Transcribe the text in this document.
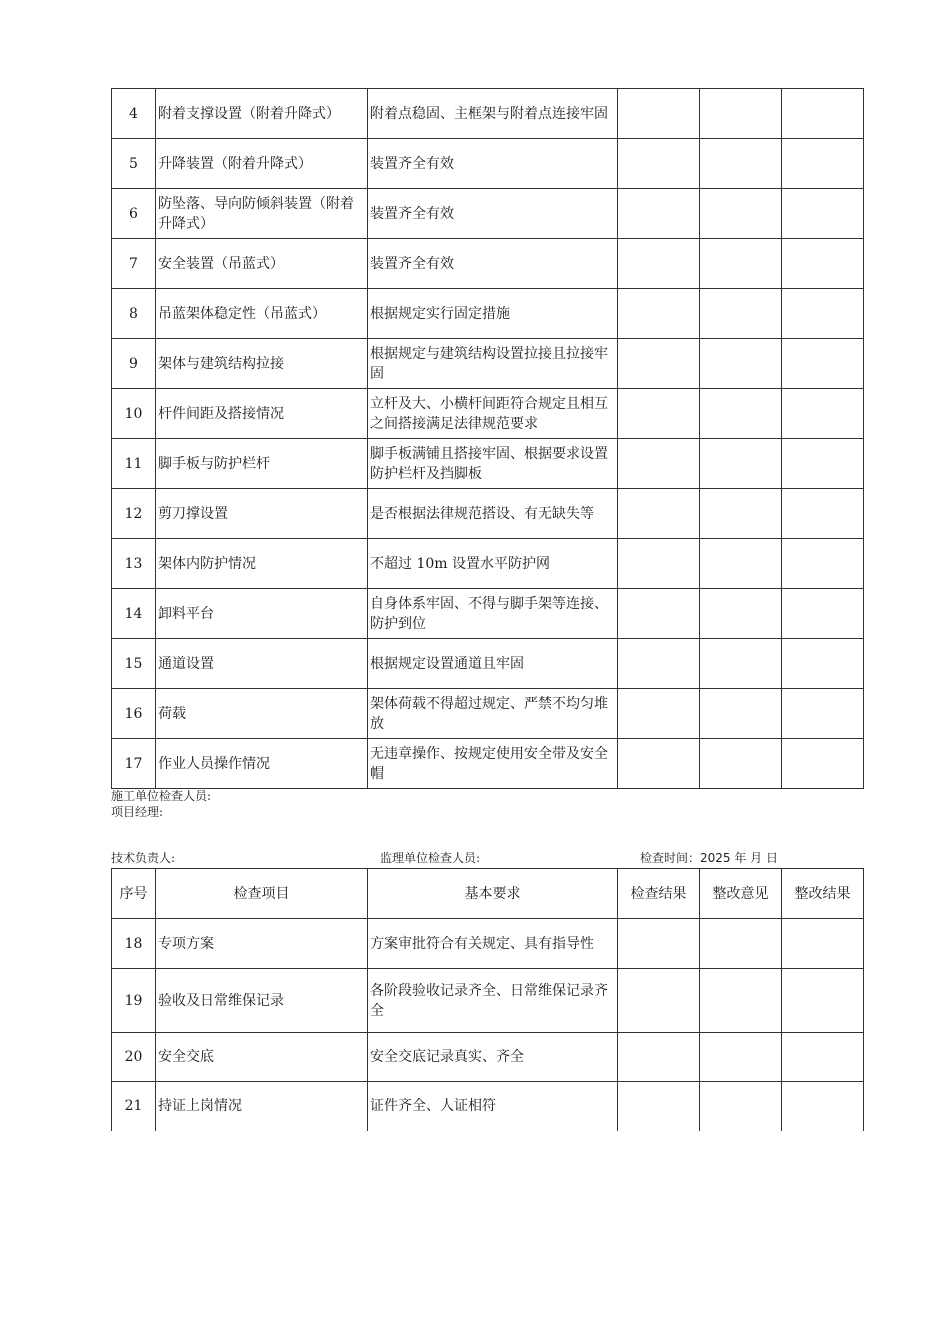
4	附着支撑设置（附着升降式）	附着点稳固、主框架与附着点连接牢固			
5	升降装置（附着升降式）	装置齐全有效			
6	防坠落、导向防倾斜装置（附着升降式）	装置齐全有效			
7	安全装置（吊蓝式）	装置齐全有效			
8	吊蓝架体稳定性（吊蓝式）	根据规定实行固定措施			
9	架体与建筑结构拉接	根据规定与建筑结构设置拉接且拉接牢固			
10	杆件间距及搭接情况	立杆及大、小横杆间距符合规定且相互之间搭接满足法律规范要求			
11	脚手板与防护栏杆	脚手板满铺且搭接牢固、根据要求设置防护栏杆及挡脚板			
12	剪刀撑设置	是否根据法律规范搭设、有无缺失等			
13	架体内防护情况	不超过 10m 设置水平防护网			
14	卸料平台	自身体系牢固、不得与脚手架等连接、防护到位			
15	通道设置	根据规定设置通道且牢固			
16	荷载	架体荷载不得超过规定、严禁不均匀堆放			
17	作业人员操作情况	无违章操作、按规定使用安全带及安全帽			
施工单位检查人员:
项目经理:
技术负责人:	监理单位检查人员:	检查时间：2025 年 月 日
序号	检查项目	基本要求	检查结果	整改意见	整改结果
18	专项方案	方案审批符合有关规定、具有指导性			
19	验收及日常维保记录	各阶段验收记录齐全、日常维保记录齐全			
20	安全交底	安全交底记录真实、齐全			
21	持证上岗情况	证件齐全、人证相符			
